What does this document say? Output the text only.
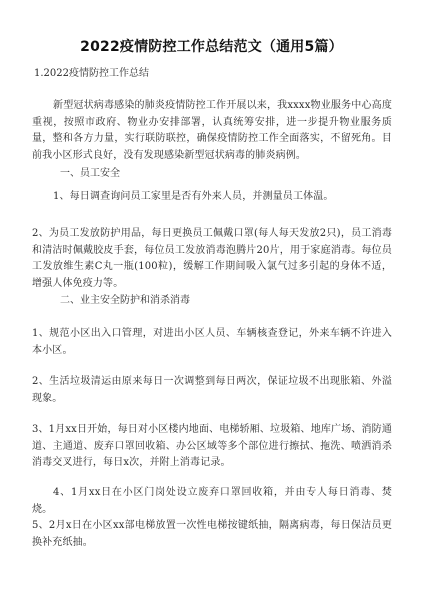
2022疫情防控工作总结范文（通用5篇）

1.2022疫情防控工作总结

新型冠状病毒感染的肺炎疫情防控工作开展以来，我xxxx物业服务中心高度重视，按照市政府、物业办安排部署，认真统筹安排，进一步提升物业服务质量，整和各方力量，实行联防联控，确保疫情防控工作全面落实，不留死角。目前我小区形式良好，没有发现感染新型冠状病毒的肺炎病例。

一、员工安全

1、每日调查询问员工家里是否有外来人员，并测量员工体温。

2、为员工发放防护用品，每日更换员工佩戴口罩(每人每天发放2只)，员工消毒和清洁时佩戴胶皮手套，每位员工发放消毒泡腾片20片，用于家庭消毒。每位员工发放维生素C丸一瓶(100粒)，缓解工作期间吸入氯气过多引起的身体不适，增强人体免疫力等。

二、业主安全防护和消杀消毒

1、规范小区出入口管理，对进出小区人员、车辆核查登记，外来车辆不许进入本小区。

2、生活垃圾清运由原来每日一次调整到每日两次，保证垃圾不出现胀箱、外溢现象。

3、1月xx日开始，每日对小区楼内地面、电梯轿厢、垃圾箱、地库广场、消防通道、主通道、废弃口罩回收箱、办公区域等多个部位进行擦拭、拖洗、喷洒消杀消毒交叉进行，每日x次，并附上消毒记录。

4、1月xx日在小区门岗处设立废弃口罩回收箱，并由专人每日消毒、焚烧。

5、2月x日在小区xx部电梯放置一次性电梯按键纸抽，隔离病毒，每日保洁员更换补充纸抽。
